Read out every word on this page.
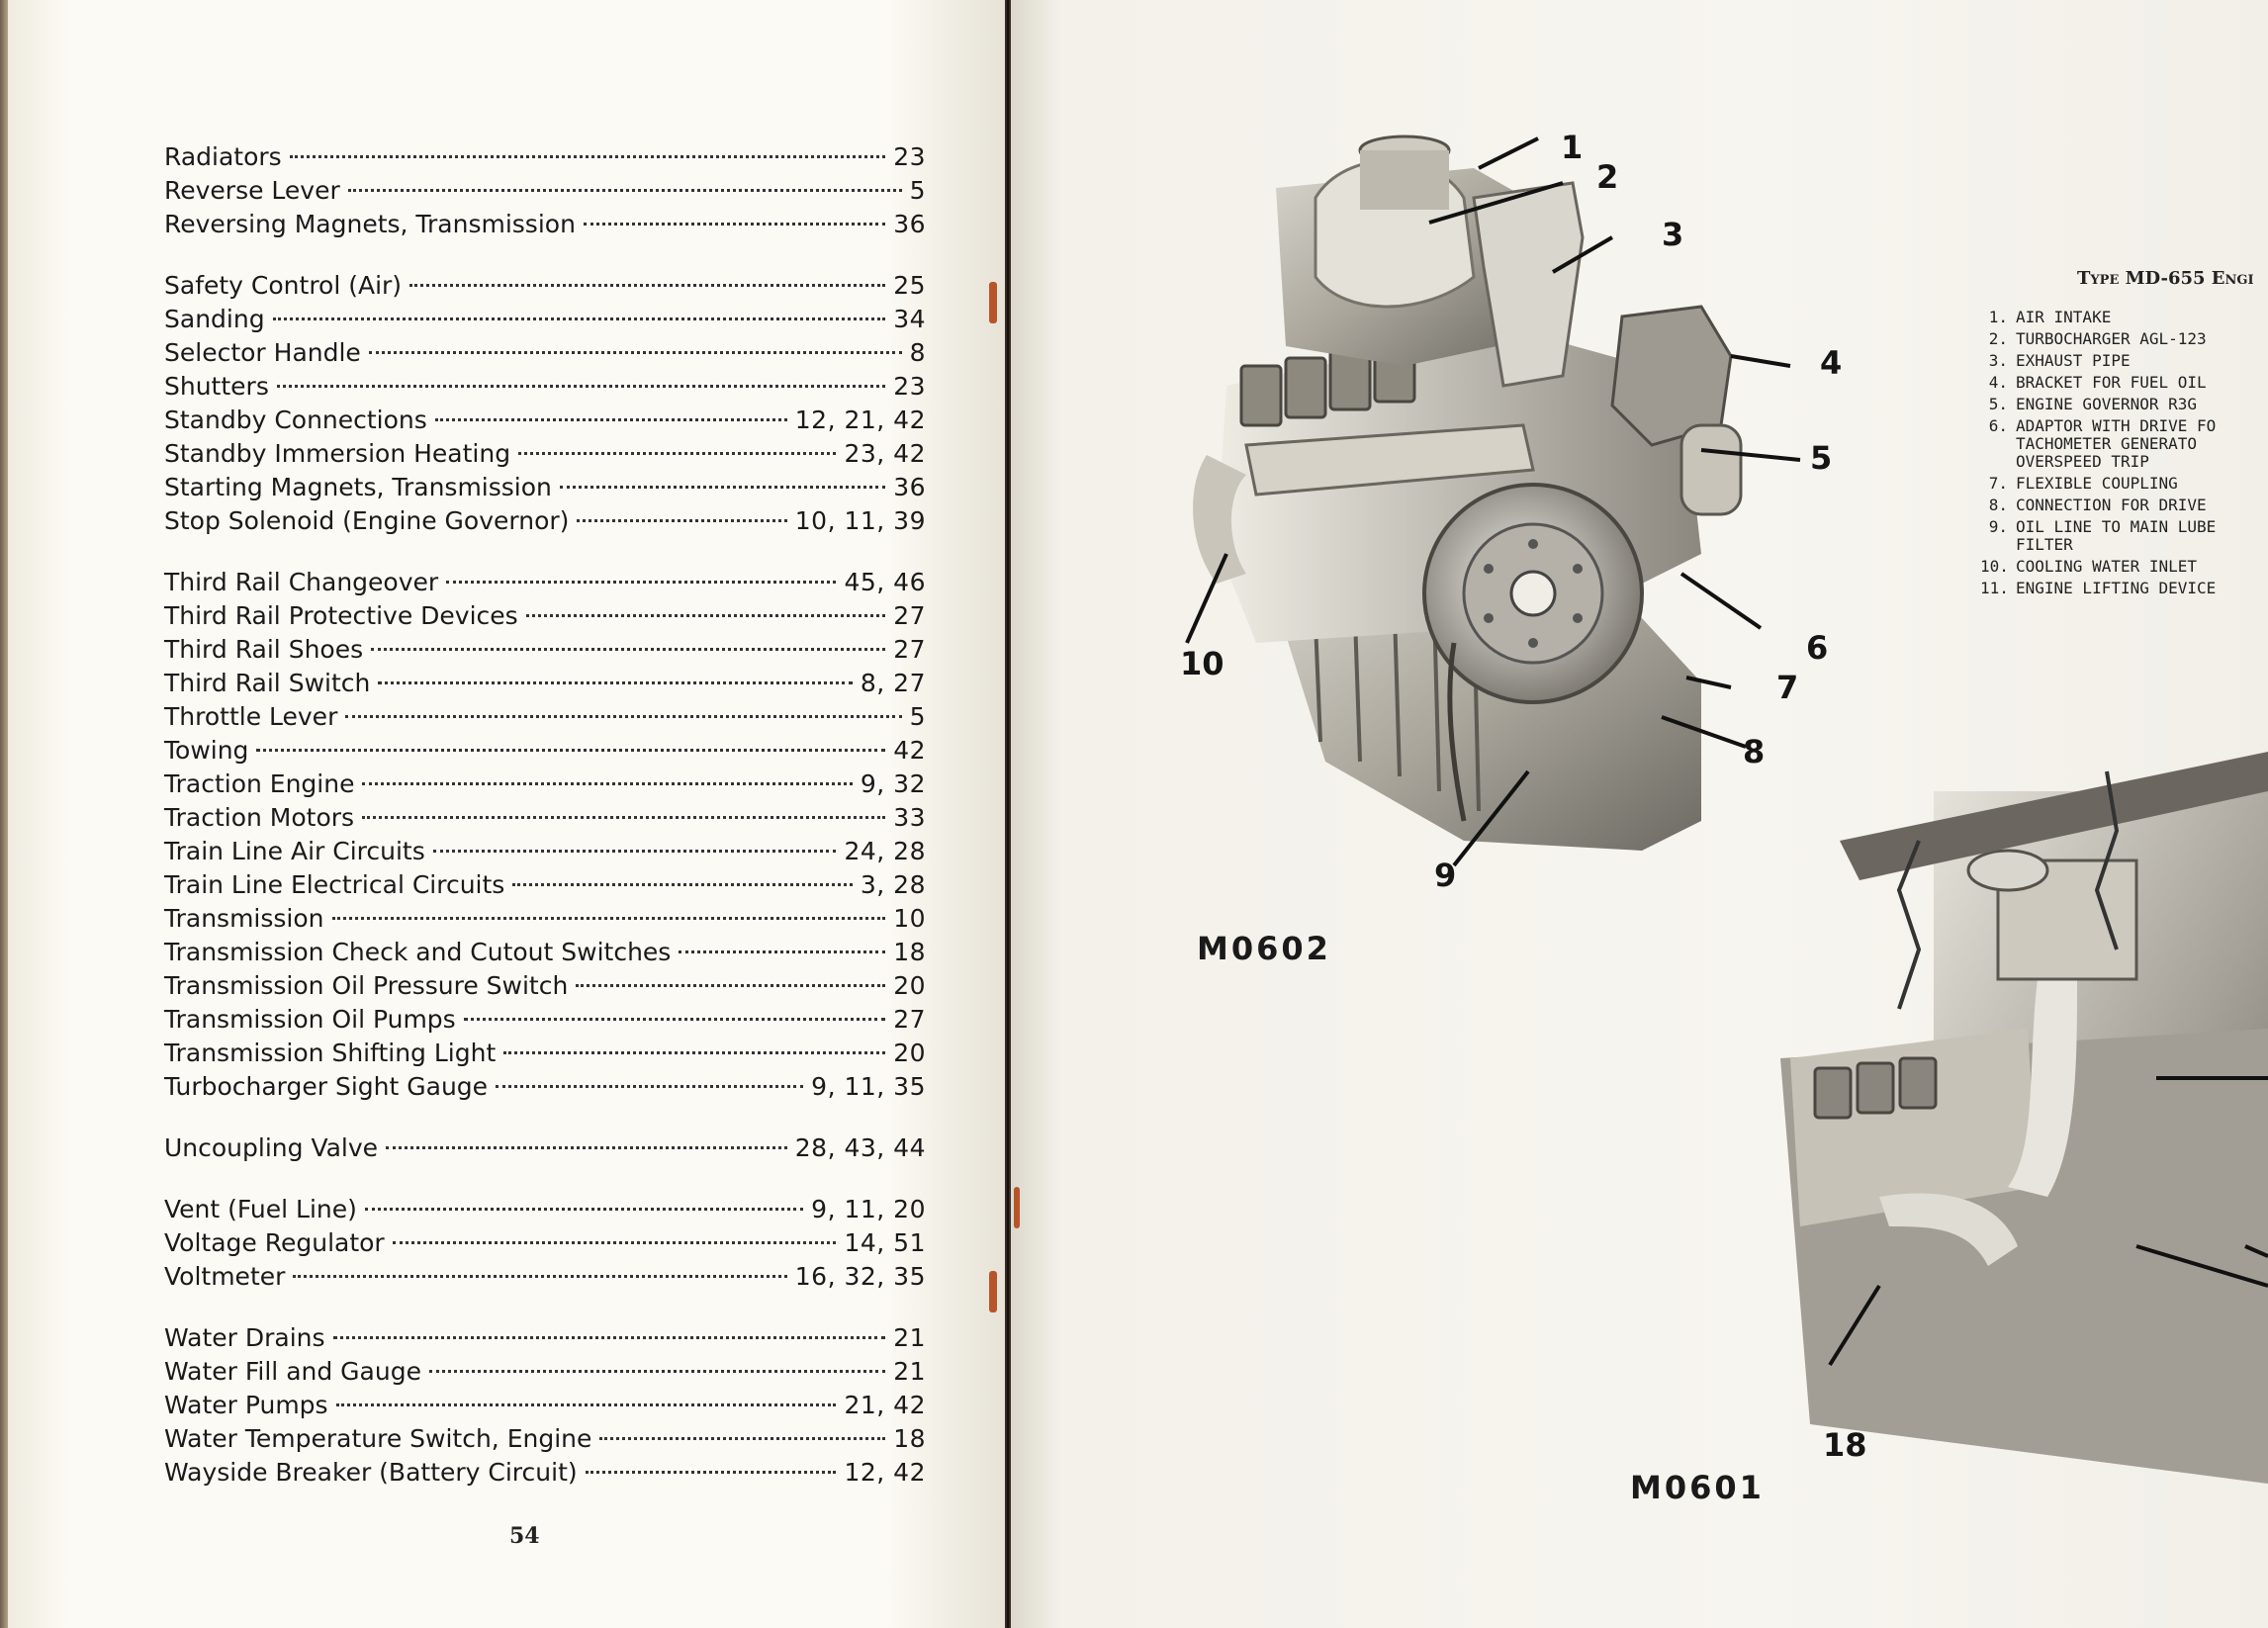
Radiators	23
Reverse Lever	5
Reversing Magnets, Transmission	36
Safety Control (Air)	25
Sanding	34
Selector Handle	8
Shutters	23
Standby Connections	12, 21, 42
Standby Immersion Heating	23, 42
Starting Magnets, Transmission	36
Stop Solenoid (Engine Governor)	10, 11, 39
Third Rail Changeover	45, 46
Third Rail Protective Devices	27
Third Rail Shoes	27
Third Rail Switch	8, 27
Throttle Lever	5
Towing	42
Traction Engine	9, 32
Traction Motors	33
Train Line Air Circuits	24, 28
Train Line Electrical Circuits	3, 28
Transmission	10
Transmission Check and Cutout Switches	18
Transmission Oil Pressure Switch	20
Transmission Oil Pumps	27
Transmission Shifting Light	20
Turbocharger Sight Gauge	9, 11, 35
Uncoupling Valve	28, 43, 44
Vent (Fuel Line)	9, 11, 20
Voltage Regulator	14, 51
Voltmeter	16, 32, 35
Water Drains	21
Water Fill and Gauge	21
Water Pumps	21, 42
Water Temperature Switch, Engine	18
Wayside Breaker (Battery Circuit)	12, 42
54
1
2
3
4
5
6
7
8
9
10
M0602
18
M0601
Type MD-655 Engi
1. AIR INTAKE
2. TURBOCHARGER AGL-123
3. EXHAUST PIPE
4. BRACKET FOR FUEL OIL
5. ENGINE GOVERNOR R3G
6. ADAPTOR WITH DRIVE FO
TACHOMETER GENERATO
OVERSPEED TRIP
7. FLEXIBLE COUPLING
8. CONNECTION FOR DRIVE
9. OIL LINE TO MAIN LUBE
FILTER
10. COOLING WATER INLET
11. ENGINE LIFTING DEVICE
